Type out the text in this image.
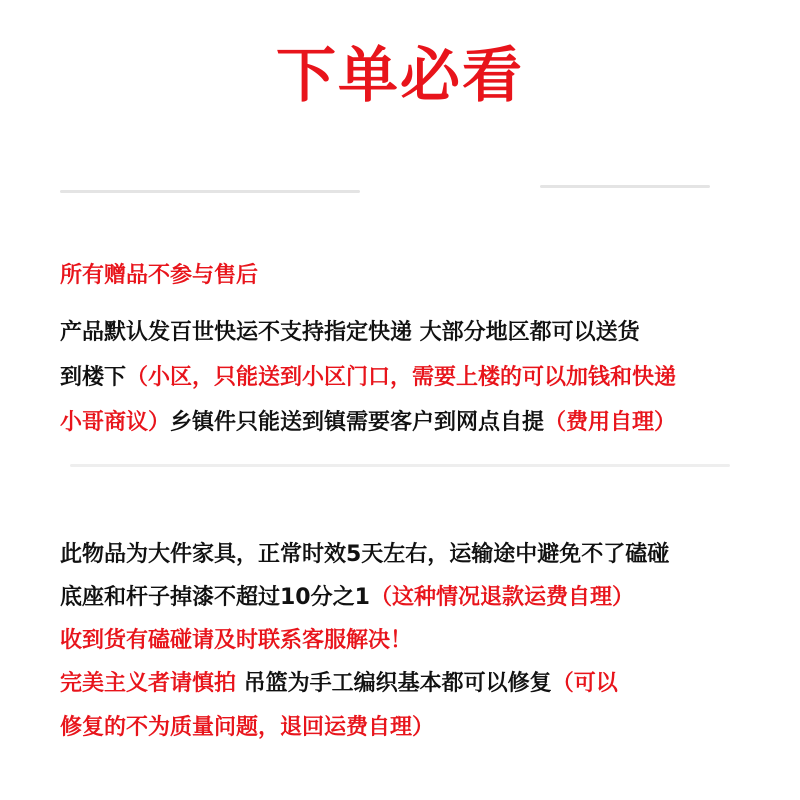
下单必看
所有赠品不参与售后
产品默认发百世快运不支持指定快递 大部分地区都可以送货
到楼下（小区，只能送到小区门口，需要上楼的可以加钱和快递
小哥商议）乡镇件只能送到镇需要客户到网点自提（费用自理）
此物品为大件家具，正常时效5天左右，运输途中避免不了磕碰
底座和杆子掉漆不超过10分之1（这种情况退款运费自理）
收到货有磕碰请及时联系客服解决！
完美主义者请慎拍 吊篮为手工编织基本都可以修复（可以
修复的不为质量问题，退回运费自理）
